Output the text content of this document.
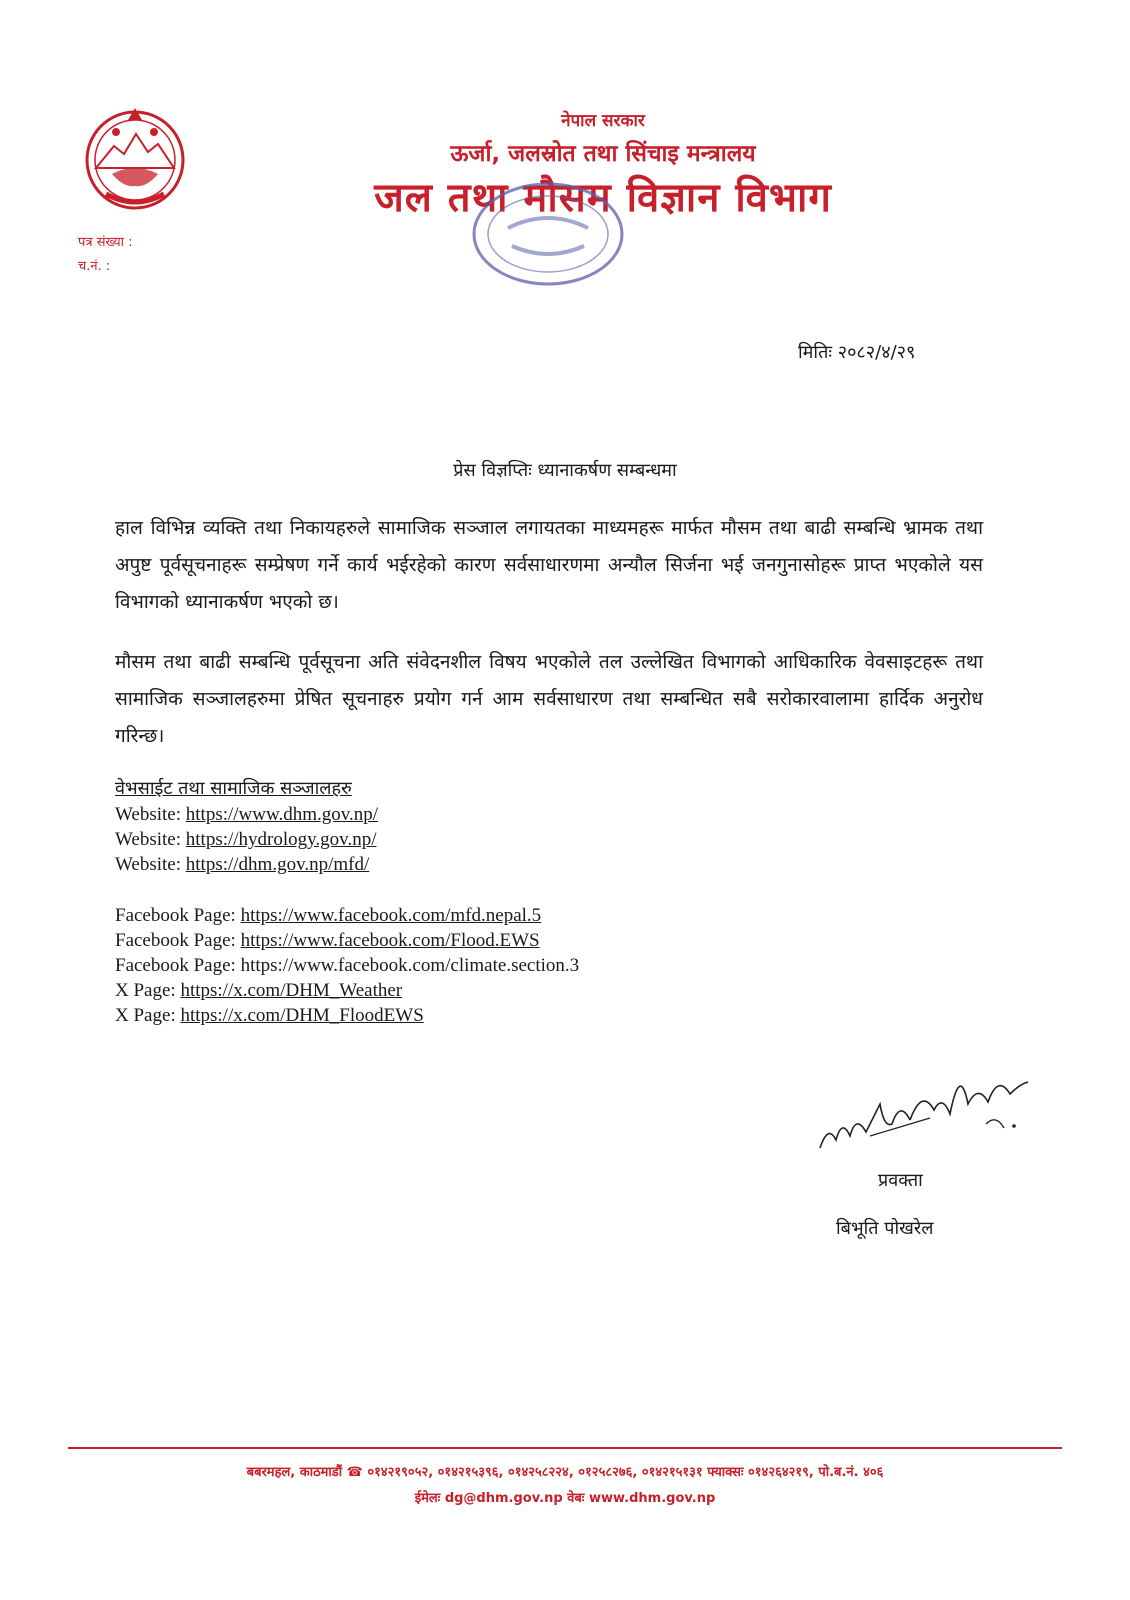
पत्र संख्या :
च.नं. :
नेपाल सरकार
ऊर्जा, जलस्रोत तथा सिंचाइ मन्त्रालय
जल तथा मौसम विज्ञान विभाग
मितिः २०८२/४/२९
प्रेस विज्ञप्तिः ध्यानाकर्षण सम्बन्धमा
हाल विभिन्न व्यक्ति तथा निकायहरुले सामाजिक सञ्जाल लगायतका माध्यमहरू मार्फत मौसम तथा बाढी सम्बन्धि भ्रामक तथा अपुष्ट पूर्वसूचनाहरू सम्प्रेषण गर्ने कार्य भईरहेको कारण सर्वसाधारणमा अन्यौल सिर्जना भई जनगुनासोहरू प्राप्त भएकोले यस विभागको ध्यानाकर्षण भएको छ।
मौसम तथा बाढी सम्बन्धि पूर्वसूचना अति संवेदनशील विषय भएकोले तल उल्लेखित विभागको आधिकारिक वेवसाइटहरू तथा सामाजिक सञ्जालहरुमा प्रेषित सूचनाहरु प्रयोग गर्न आम सर्वसाधारण तथा सम्बन्धित सबै सरोकारवालामा हार्दिक अनुरोध गरिन्छ।
वेभसाईट तथा सामाजिक सञ्जालहरु
Website: https://www.dhm.gov.np/
Website: https://hydrology.gov.np/
Website: https://dhm.gov.np/mfd/
Facebook Page: https://www.facebook.com/mfd.nepal.5
Facebook Page: https://www.facebook.com/Flood.EWS
Facebook Page: https://www.facebook.com/climate.section.3
X Page: https://x.com/DHM_Weather
X Page: https://x.com/DHM_FloodEWS
प्रवक्ता
बिभूति पोखरेल
बबरमहल, काठमाडौं ☎ ०१४२१९०५२, ०१४२१५३९६, ०१४२५८२२४, ०१२५८२७६, ०१४२१५१३१ फ्याक्सः ०१४२६४२१९, पो.ब.नं. ४०६
ईमेलः dg@dhm.gov.np वेबः www.dhm.gov.np
